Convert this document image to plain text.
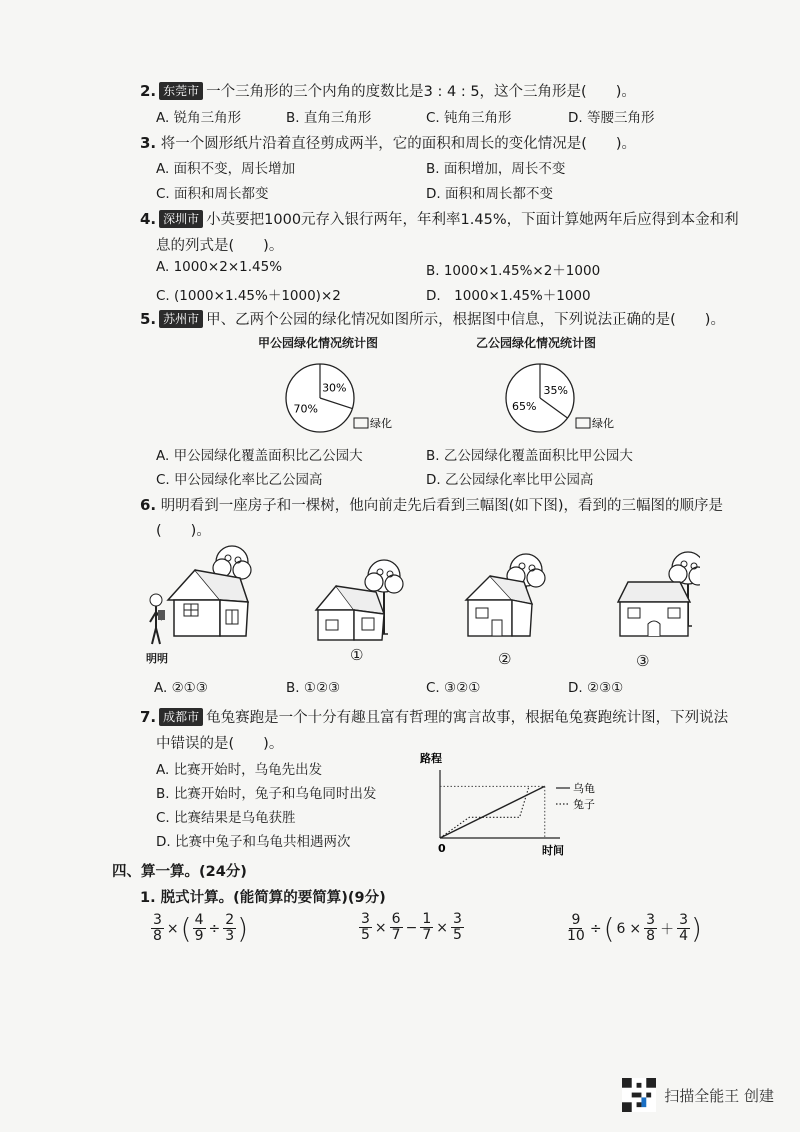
2. 东莞市 一个三角形的三个内角的度数比是3 : 4 : 5，这个三角形是(　　)。
A. 锐角三角形	B. 直角三角形	C. 钝角三角形	D. 等腰三角形
3. 将一个圆形纸片沿着直径剪成两半，它的面积和周长的变化情况是(　　)。
A. 面积不变，周长增加	B. 面积增加，周长不变
C. 面积和周长都变	D. 面积和周长都不变
4. 深圳市 小英要把1000元存入银行两年，年利率1.45%，下面计算她两年后应得到本金和利
息的列式是(　　)。
A. 1000×2×1.45%	B. 1000×1.45%×2＋1000
C. (1000×1.45%＋1000)×2	D.　1000×1.45%＋1000
5. 苏州市 甲、乙两个公园的绿化情况如图所示，根据图中信息，下列说法正确的是(　　)。
甲公园绿化情况统计图	乙公园绿化情况统计图
30%
70%
绿化
35%
65%
绿化
A. 甲公园绿化覆盖面积比乙公园大	B. 乙公园绿化覆盖面积比甲公园大
C. 甲公园绿化率比乙公园高	D. 乙公园绿化率比甲公园高
6. 明明看到一座房子和一棵树，他向前走先后看到三幅图(如下图)，看到的三幅图的顺序是
(　　)。
明明	①	②	③
A. ②①③	B. ①②③	C. ③②①	D. ②③①
7. 成都市 龟兔赛跑是一个十分有趣且富有哲理的寓言故事，根据龟兔赛跑统计图，下列说法
中错误的是(　　)。
A. 比赛开始时，乌龟先出发
B. 比赛开始时，兔子和乌龟同时出发
C. 比赛结果是乌龟获胜
D. 比赛中兔子和乌龟共相遇两次
路程
0	时间
乌龟
兔子
四、算一算。(24分)
1. 脱式计算。(能简算的要简算)(9分)
$\frac{3}{8}$ × ( $\frac{4}{9} \div \frac{2}{3}$ )	$\frac{3}{5} \times \frac{6}{7} - \frac{1}{7} \times \frac{3}{5}$	$\frac{9}{10}$ ÷ ( $6 \times \frac{3}{8} + \frac{3}{4}$ )
扫描全能王 创建
